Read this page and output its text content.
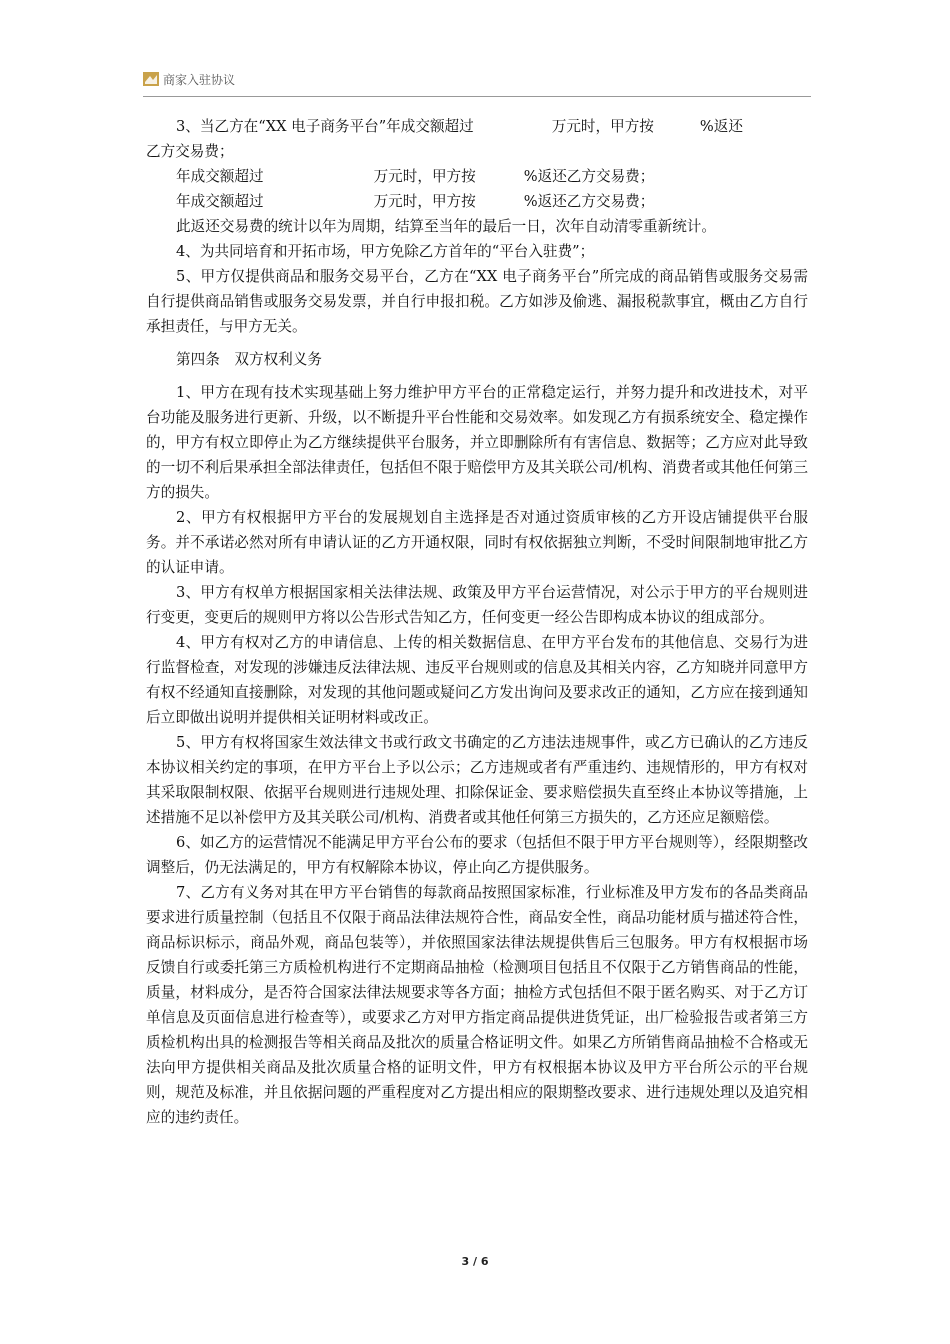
商家入驻协议

3、当乙方在“XX 电子商务平台”年成交额超过	万元时，甲方按	%返还

乙方交易费；

年成交额超过	万元时，甲方按	%返还乙方交易费；

年成交额超过	万元时，甲方按	%返还乙方交易费；

此返还交易费的统计以年为周期，结算至当年的最后一日，次年自动清零重新统计。

4、为共同培育和开拓市场，甲方免除乙方首年的“平台入驻费”；

5、甲方仅提供商品和服务交易平台，乙方在“XX 电子商务平台”所完成的商品销售或服务交易需自行提供商品销售或服务交易发票，并自行申报扣税。乙方如涉及偷逃、漏报税款事宜，概由乙方自行承担责任，与甲方无关。

第四条　双方权利义务

1、甲方在现有技术实现基础上努力维护甲方平台的正常稳定运行，并努力提升和改进技术，对平台功能及服务进行更新、升级，以不断提升平台性能和交易效率。如发现乙方有损系统安全、稳定操作的，甲方有权立即停止为乙方继续提供平台服务，并立即删除所有有害信息、数据等；乙方应对此导致的一切不利后果承担全部法律责任，包括但不限于赔偿甲方及其关联公司/机构、消费者或其他任何第三方的损失。

2、甲方有权根据甲方平台的发展规划自主选择是否对通过资质审核的乙方开设店铺提供平台服务。并不承诺必然对所有申请认证的乙方开通权限，同时有权依据独立判断，不受时间限制地审批乙方的认证申请。

3、甲方有权单方根据国家相关法律法规、政策及甲方平台运营情况，对公示于甲方的平台规则进行变更，变更后的规则甲方将以公告形式告知乙方，任何变更一经公告即构成本协议的组成部分。

4、甲方有权对乙方的申请信息、上传的相关数据信息、在甲方平台发布的其他信息、交易行为进行监督检查，对发现的涉嫌违反法律法规、违反平台规则或的信息及其相关内容，乙方知晓并同意甲方有权不经通知直接删除，对发现的其他问题或疑问乙方发出询问及要求改正的通知，乙方应在接到通知后立即做出说明并提供相关证明材料或改正。

5、甲方有权将国家生效法律文书或行政文书确定的乙方违法违规事件，或乙方已确认的乙方违反本协议相关约定的事项，在甲方平台上予以公示；乙方违规或者有严重违约、违规情形的，甲方有权对其采取限制权限、依据平台规则进行违规处理、扣除保证金、要求赔偿损失直至终止本协议等措施，上述措施不足以补偿甲方及其关联公司/机构、消费者或其他任何第三方损失的，乙方还应足额赔偿。

6、如乙方的运营情况不能满足甲方平台公布的要求（包括但不限于甲方平台规则等），经限期整改调整后，仍无法满足的，甲方有权解除本协议，停止向乙方提供服务。

7、乙方有义务对其在甲方平台销售的每款商品按照国家标准，行业标准及甲方发布的各品类商品要求进行质量控制（包括且不仅限于商品法律法规符合性，商品安全性，商品功能材质与描述符合性，商品标识标示，商品外观，商品包装等），并依照国家法律法规提供售后三包服务。甲方有权根据市场反馈自行或委托第三方质检机构进行不定期商品抽检（检测项目包括且不仅限于乙方销售商品的性能，质量，材料成分，是否符合国家法律法规要求等各方面；抽检方式包括但不限于匿名购买、对于乙方订单信息及页面信息进行检查等），或要求乙方对甲方指定商品提供进货凭证，出厂检验报告或者第三方质检机构出具的检测报告等相关商品及批次的质量合格证明文件。如果乙方所销售商品抽检不合格或无法向甲方提供相关商品及批次质量合格的证明文件，甲方有权根据本协议及甲方平台所公示的平台规则，规范及标准，并且依据问题的严重程度对乙方提出相应的限期整改要求、进行违规处理以及追究相应的违约责任。

3 / 6
